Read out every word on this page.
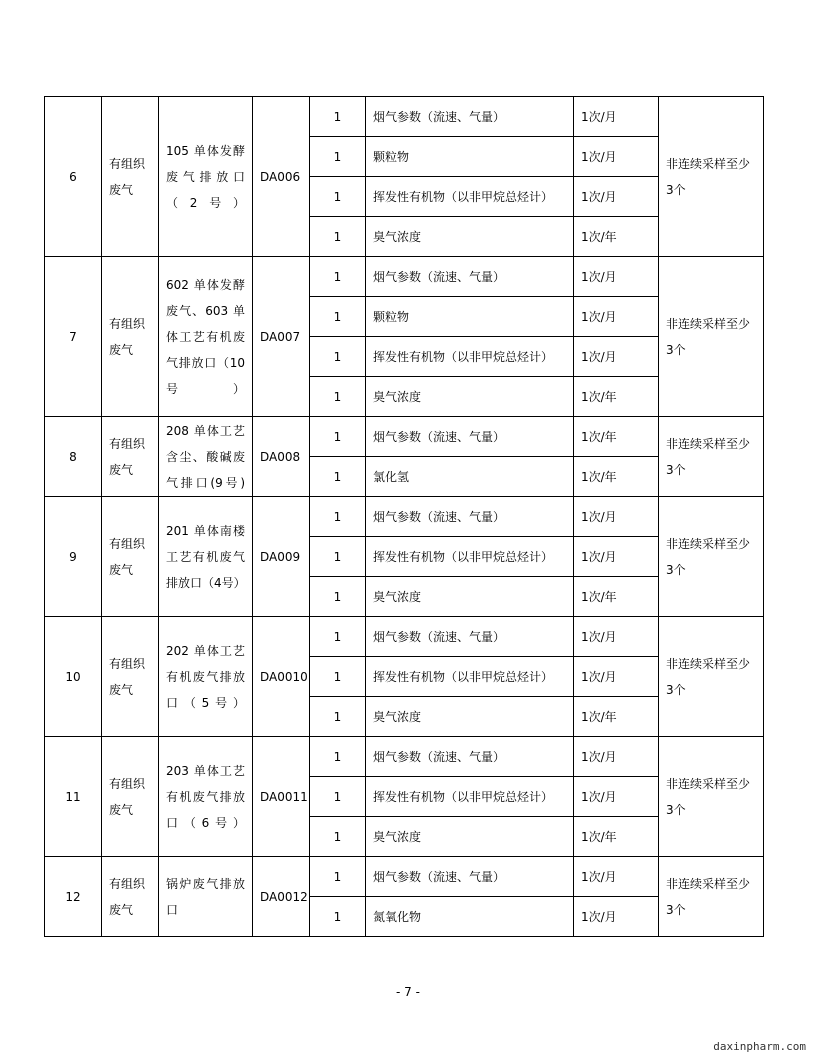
6	有组织废气	105 单体发酵废气排放口（2号）	DA006	1	烟气参数（流速、气量）	1次/月	非连续采样至少3个
				1	颗粒物	1次/月	
				1	挥发性有机物（以非甲烷总烃计）	1次/月	
				1	臭气浓度	1次/年	
7	有组织废气	602 单体发酵废气、603 单体工艺有机废气排放口（10号）	DA007	1	烟气参数（流速、气量）	1次/月	非连续采样至少3个
				1	颗粒物	1次/月	
				1	挥发性有机物（以非甲烷总烃计）	1次/月	
				1	臭气浓度	1次/年	
8	有组织废气	208 单体工艺含尘、酸碱废气排口(9号)	DA008	1	烟气参数（流速、气量）	1次/年	非连续采样至少3个
				1	氯化氢	1次/年	
9	有组织废气	201 单体南楼工艺有机废气排放口（4号）	DA009	1	烟气参数（流速、气量）	1次/月	非连续采样至少3个
				1	挥发性有机物（以非甲烷总烃计）	1次/月	
				1	臭气浓度	1次/年	
10	有组织废气	202 单体工艺有机废气排放口（5号）	DA0010	1	烟气参数（流速、气量）	1次/月	非连续采样至少3个
				1	挥发性有机物（以非甲烷总烃计）	1次/月	
				1	臭气浓度	1次/年	
11	有组织废气	203 单体工艺有机废气排放口（6号）	DA0011	1	烟气参数（流速、气量）	1次/月	非连续采样至少3个
				1	挥发性有机物（以非甲烷总烃计）	1次/月	
				1	臭气浓度	1次/年	
12	有组织废气	锅炉废气排放口	DA0012	1	烟气参数（流速、气量）	1次/月	非连续采样至少3个
				1	氮氧化物	1次/月	
- 7 -
daxinpharm.com
